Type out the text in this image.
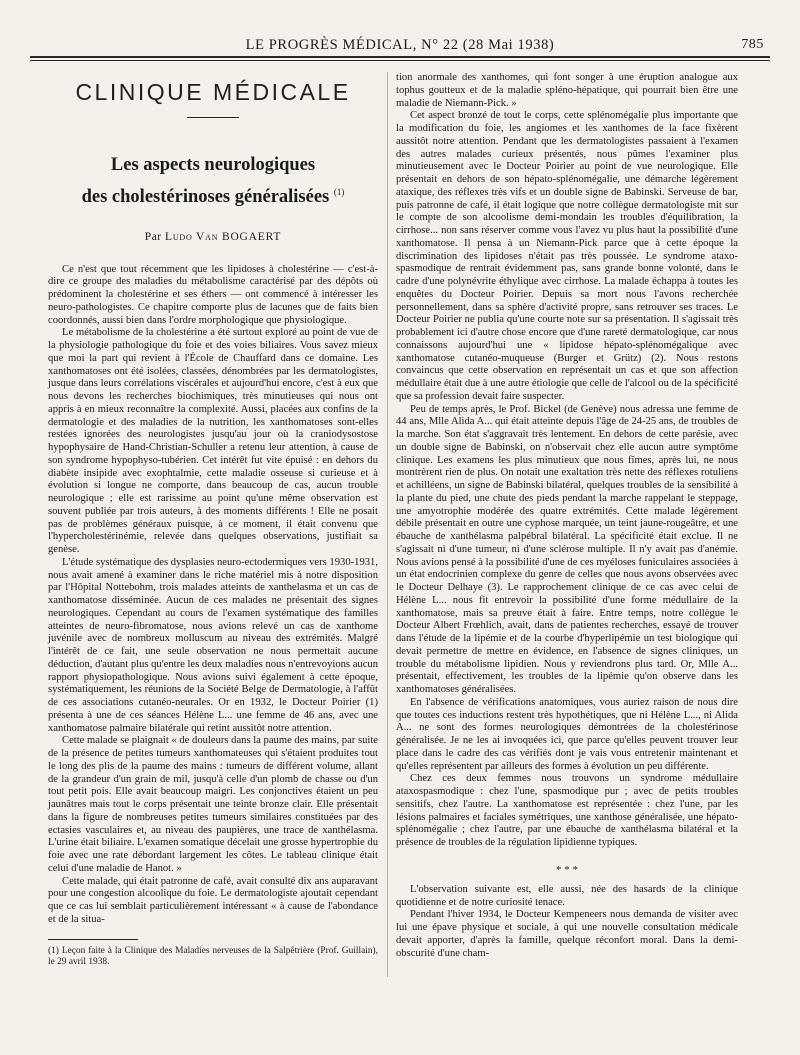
LE PROGRÈS MÉDICAL, N° 22 (28 Mai 1938)	785
CLINIQUE MÉDICALE
Les aspects neurologiques
des cholestérinoses généralisées $^{(1)}$
Par Ludo Van BOGAERT

Ce n'est que tout récemment que les lipidoses à cholestérine — c'est-à-dire ce groupe des maladies du métabolisme caractérisé par des dépôts où prédominent la cholestérine et ses éthers — ont commencé à intéresser les neuro-pathologistes. Ce chapitre comporte plus de lacunes que de faits bien coordonnés, aussi bien dans l'ordre morphologique que physiologique.

Le métabolisme de la cholestérine a été surtout exploré au point de vue de la physiologie pathologique du foie et des voies biliaires. Vous savez mieux que moi la part qui revient à l'École de Chauffard dans ce domaine. Les xanthomatoses ont été isolées, classées, dénombrées par les dermatologistes, jusque dans leurs corrélations viscérales et aujourd'hui encore, c'est à eux que nous devons les recherches biochimiques, très minutieuses qui nous ont appris à en mieux reconnaître la complexité. Aussi, placées aux confins de la dermatologie et des maladies de la nutrition, les xanthomatoses sont-elles restées ignorées des neurologistes jusqu'au jour où la craniodysostose hypophysaire de Hand-Christian-Schuller a retenu leur attention, à cause de son syndrome hypophyso-tubérien. Cet intérêt fut vite épuisé : en dehors du diabète insipide avec exophtalmie, cette maladie osseuse si curieuse et à évolution si longue ne comporte, dans beaucoup de cas, aucun trouble neurologique ; elle est rarissime au point qu'une même observation est souvent publiée par trois auteurs, à des moments différents ! Elle ne posait pas de problèmes généraux puisque, à ce moment, il était convenu que l'hypercholestérinémie, relevée dans quelques observations, justifiait sa genèse.

L'étude systématique des dysplasies neuro-ectodermiques vers 1930-1931, nous avait amené à examiner dans le riche matériel mis à notre disposition par l'Hôpital Nottebohm, trois malades atteints de xanthelasma et un cas de xanthomatose disséminée. Aucun de ces malades ne présentait des signes neurologiques. Cependant au cours de l'examen systématique des familles atteintes de neuro-fibromatose, nous avions relevé un cas de xanthome juvénile avec de nombreux molluscum au niveau des extrémités. Malgré l'intérêt de ce fait, une seule observation ne nous permettait aucune déduction, d'autant plus qu'entre les deux maladies nous n'entrevoyions aucun rapport physiopathologique. Nous avions suivi également à cette époque, systématiquement, les réunions de la Société Belge de Dermatologie, à l'affût de ces associations cutanéo-neurales. Or en 1932, le Docteur Poirier (1) présenta à une de ces séances Hélène L... une femme de 46 ans, avec une xanthomatose palmaire bilatérale qui retint aussitôt notre attention.

Cette malade se plaignait « de douleurs dans la paume des mains, par suite de la présence de petites tumeurs xanthomateuses qui s'étaient produites tout le long des plis de la paume des mains : tumeurs de différent volume, allant de la grandeur d'un grain de mil, jusqu'à celle d'un plomb de chasse ou d'un tout petit pois. Elle avait beaucoup maigri. Les conjonctives étaient un peu jaunâtres mais tout le corps présentait une teinte bronze clair. Elle présentait dans la figure de nombreuses petites tumeurs similaires constituées par des ectasies vasculaires et, au niveau des paupières, une trace de xanthélasma. L'urine était biliaire. L'examen somatique décelait une grosse hypertrophie du foie avec une rate débordant largement les côtes. Le tableau clinique était celui d'une maladie de Hanot. »

Cette malade, qui était patronne de café, avait consulté dix ans auparavant pour une congestion alcoolique du foie. Le dermatologiste ajoutait cependant que ce cas lui semblait particulièrement intéressant « à cause de l'abondance et de la situa-

(1) Leçon faite à la Clinique des Maladies nerveuses de la Salpêtrière (Prof. Guillain), le 29 avril 1938.

tion anormale des xanthomes, qui font songer à une éruption analogue aux tophus goutteux et de la maladie spléno-hépatique, qui pourrait bien être une maladie de Niemann-Pick. »

Cet aspect bronzé de tout le corps, cette splénomégalie plus importante que la modification du foie, les angiomes et les xanthomes de la face fixèrent aussitôt notre attention. Pendant que les dermatologistes passaient à l'examen des autres malades curieux présentés, nous pûmes l'examiner plus minutieusement avec le Docteur Poirier au point de vue neurologique. Elle présentait en dehors de son hépato-splénomégalie, une démarche légèrement ataxique, des réflexes très vifs et un double signe de Babinski. Serveuse de bar, puis patronne de café, il était logique que notre collègue dermatologiste mit sur le compte de son alcoolisme demi-mondain les troubles d'équilibration, la cirrhose... non sans réserver comme vous l'avez vu plus haut la possibilité d'une xanthomatose. Il pensa à un Niemann-Pick parce que à cette époque la discrimination des lipidoses n'était pas très poussée. Le syndrome ataxo-spasmodique de rentrait évidemment pas, sans grande bonne volonté, dans le cadre d'une polynévrite éthylique avec cirrhose. La malade échappa à toutes les enquêtes du Docteur Poirier. Depuis sa mort nous l'avons recherchée personnellement, dans sa sphère d'activité propre, sans retrouver ses traces. Le Docteur Poirier ne publia qu'une courte note sur sa présentation. Il s'agissait très probablement ici d'autre chose encore que d'une rareté dermatologique, car nous connaissons aujourd'hui une « lipidose hépato-splénomégalique avec xanthomatose cutanéo-muqueuse (Burger et Grütz) (2). Nous restons convaincus que cette observation en représentait un cas et que son affection médullaire était due à une autre étiologie que celle de l'alcool ou de la spécificité que sa profession devait faire suspecter.

Peu de temps après, le Prof. Bickel (de Genève) nous adressa une femme de 44 ans, Mlle Alida A... qui était atteinte depuis l'âge de 24-25 ans, de troubles de la marche. Son état s'aggravait très lentement. En dehors de cette parésie, avec un double signe de Babinski, on n'observait chez elle aucun autre symptôme clinique. Les examens les plus minutieux que nous fîmes, après lui, ne nous montrèrent rien de plus. On notait une exaltation très nette des réflexes rotuliens et achilléens, un signe de Babinski bilatéral, quelques troubles de la sensibilité à la plante du pied, une chute des pieds pendant la marche rappelant le steppage, une amyotrophie modérée des quatre extrémités. Cette malade légèrement débile présentait en outre une cyphose marquée, un teint jaune-rougeâtre, et une ébauche de xanthélasma palpébral bilatéral. La spécificité était exclue. Il ne s'agissait ni d'une tumeur, ni d'une sclérose multiple. Il n'y avait pas d'anémie. Nous avions pensé à la possibilité d'une de ces myéloses funiculaires associées à un état endocrinien complexe du genre de celles que nous avons observées avec le Docteur Delhaye (3). Le rapprochement clinique de ce cas avec celui de Hélène L... nous fit entrevoir la possibilité d'une forme médullaire de la xanthomatose, mais sa preuve était à faire. Entre temps, notre collègue le Docteur Albert Frœhlich, avait, dans de patientes recherches, essayé de trouver dans l'étude de la lipémie et de la courbe d'hyperlipémie un test biologique qui devait permettre de mettre en évidence, en l'absence de signes cliniques, un trouble du métabolisme lipidien. Nous y reviendrons plus tard. Or, Mlle A... présentait, effectivement, les troubles de la lipémie qu'on observe dans les xanthomatoses généralisées.

En l'absence de vérifications anatomiques, vous auriez raison de nous dire que toutes ces inductions restent très hypothétiques, que ni Hélène L..., ni Alida A... ne sont des formes neurologiques démontrées de la cholestérinose généralisée. Je ne les ai invoquées ici, que parce qu'elles peuvent trouver leur place dans le cadre des cas vérifiés dont je vais vous entretenir maintenant et qu'elles représentent par ailleurs des formes à évolution un peu différente.

Chez ces deux femmes nous trouvons un syndrome médullaire ataxospasmodique : chez l'une, spasmodique pur ; avec de petits troubles sensitifs, chez l'autre. La xanthomatose est représentée : chez l'une, par les lésions palmaires et faciales symétriques, une xanthose généralisée, une hépato-splénomégalie ; chez l'autre, par une ébauche de xanthélasma bilatéral et la présence de troubles de la régulation lipidienne typiques.

* * *

L'observation suivante est, elle aussi, née des hasards de la clinique quotidienne et de notre curiosité tenace.

Pendant l'hiver 1934, le Docteur Kempeneers nous demanda de visiter avec lui une épave physique et sociale, à qui une nouvelle consultation médicale devait apporter, d'après la famille, quelque réconfort moral. Dans la demi-obscurité d'une cham-
